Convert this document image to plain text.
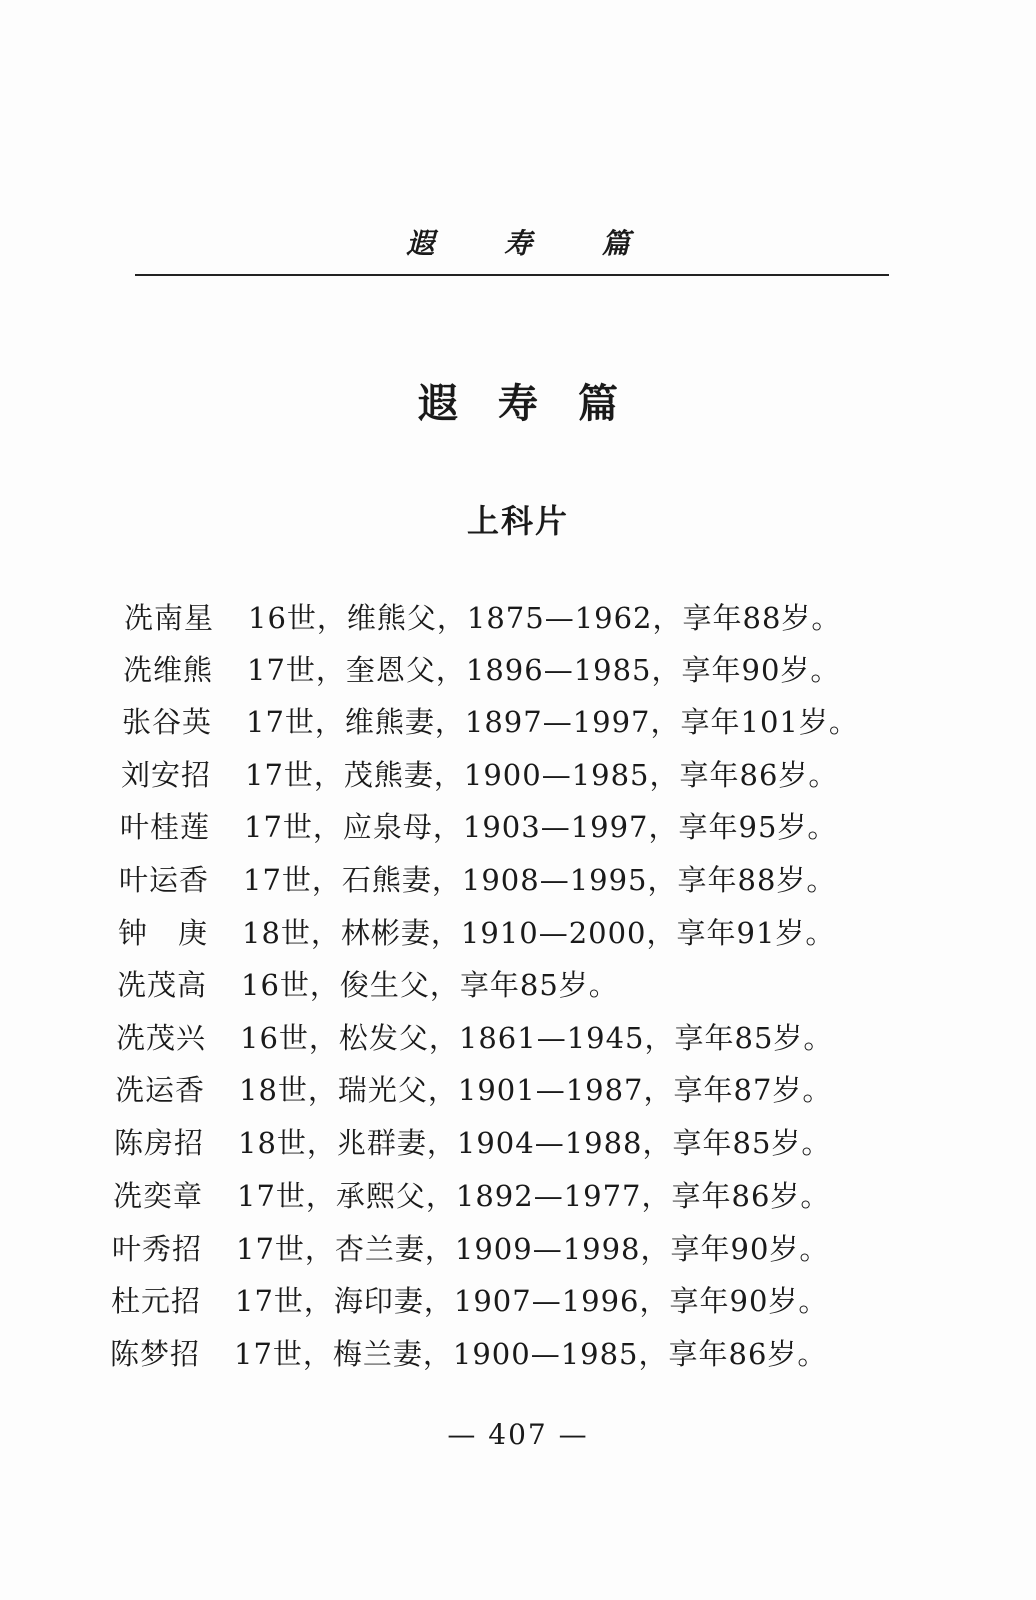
遐 寿 篇
遐寿篇
上科片
冼南星 16世，维熊父，1875—1962，享年88岁。
冼维熊 17世，奎恩父，1896—1985，享年90岁。
张谷英 17世，维熊妻，1897—1997，享年101岁。
刘安招 17世，茂熊妻，1900—1985，享年86岁。
叶桂莲 17世，应泉母，1903—1997，享年95岁。
叶运香 17世，石熊妻，1908—1995，享年88岁。
钟　庚 18世，林彬妻，1910—2000，享年91岁。
冼茂高 16世，俊生父，享年85岁。
冼茂兴 16世，松发父，1861—1945，享年85岁。
冼运香 18世，瑞光父，1901—1987，享年87岁。
陈房招 18世，兆群妻，1904—1988，享年85岁。
冼奕章 17世，承熙父，1892—1977，享年86岁。
叶秀招 17世，杏兰妻，1909—1998，享年90岁。
杜元招 17世，海印妻，1907—1996，享年90岁。
陈梦招 17世，梅兰妻，1900—1985，享年86岁。
— 407 —
